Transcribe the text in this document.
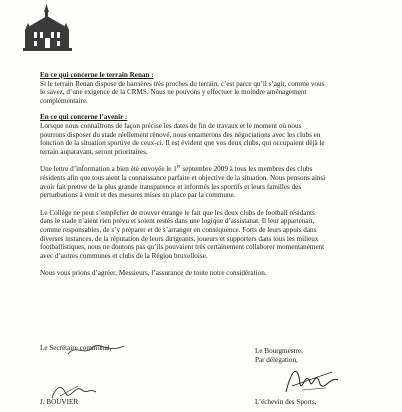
En ce qui concerne le terrain Renan :

Si le terrain Renan dispose de barrières très proches du terrain, c’est parce qu’il s’agit, comme vous

le savez, d’une exigence de la CRMS. Nous ne pouvons y effectuer le moindre aménagement

complémentaire.

En ce qui concerne l’avenir :

Lorsque nous connaîtrons de façon précise les dates de fin de travaux et le moment où nous

pourrons disposer du stade réellement rénové, nous entamerons des négociations avec les clubs en

fonction de la situation sportive de ceux-ci. Il est évident que vos deux clubs, qui occupaient déjà le

terrain auparavant, seront prioritaires.

Une lettre d’information a bien été envoyée le 1er septembre 2009 à tous les membres des clubs

résidents afin que tous aient la connaissance parfaite et objective de la situation. Nous pensons ainsi

avoir fait preuve de la plus grande transparence et informés les sportifs et leurs familles des

perturbations à venir et des mesures mises en place par la commune.

Le Collège ne peut s’empêcher de trouver étrange le fait que les deux clubs de football résidants

dans le stade n’aient rien prévu et soient restés dans une logique d’assistanat. Il leur appartenait,

comme responsables, de s’y préparer et de s’arranger en conséquence. Forts de leurs appuis dans

diverses instances, de la réputation de leurs dirigeants, joueurs et supporters dans tous les milieux

footballistiques, nous ne doutons pas qu’ils pouvaient très certainement collaborer momentanément

avec d’autres communes et clubs de la Région bruxelloise.

Nous vous prions d’agréer, Messieurs, l’assurance de toute notre considération.

Le Secrétaire communal,
J. BOUVIER
Le Bourgmestre,
Par délégation,
L’échevin des Sports,
